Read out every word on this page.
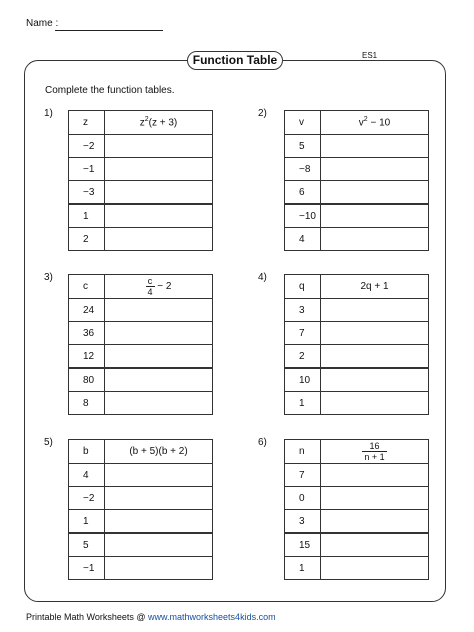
Name :
Function Table	ES1
Complete the function tables.
1)
z	$z^2(z + 3)$
−2	
−1	
−3	
1	
2	
2)
v	$v^2 - 10$
5	
−8	
6	
−10	
4	
3)
c	$\frac{c}{4} - 2$
24	
36	
12	
80	
8	
4)
q	2q + 1
3	
7	
2	
10	
1	
5)
b	(b + 5)(b + 2)
4	
−2	
1	
5	
−1	
6)
n	$\frac{16}{n + 1}$

7	
0	
3	
15	
1	
Printable Math Worksheets @ www.mathworksheets4kids.com
